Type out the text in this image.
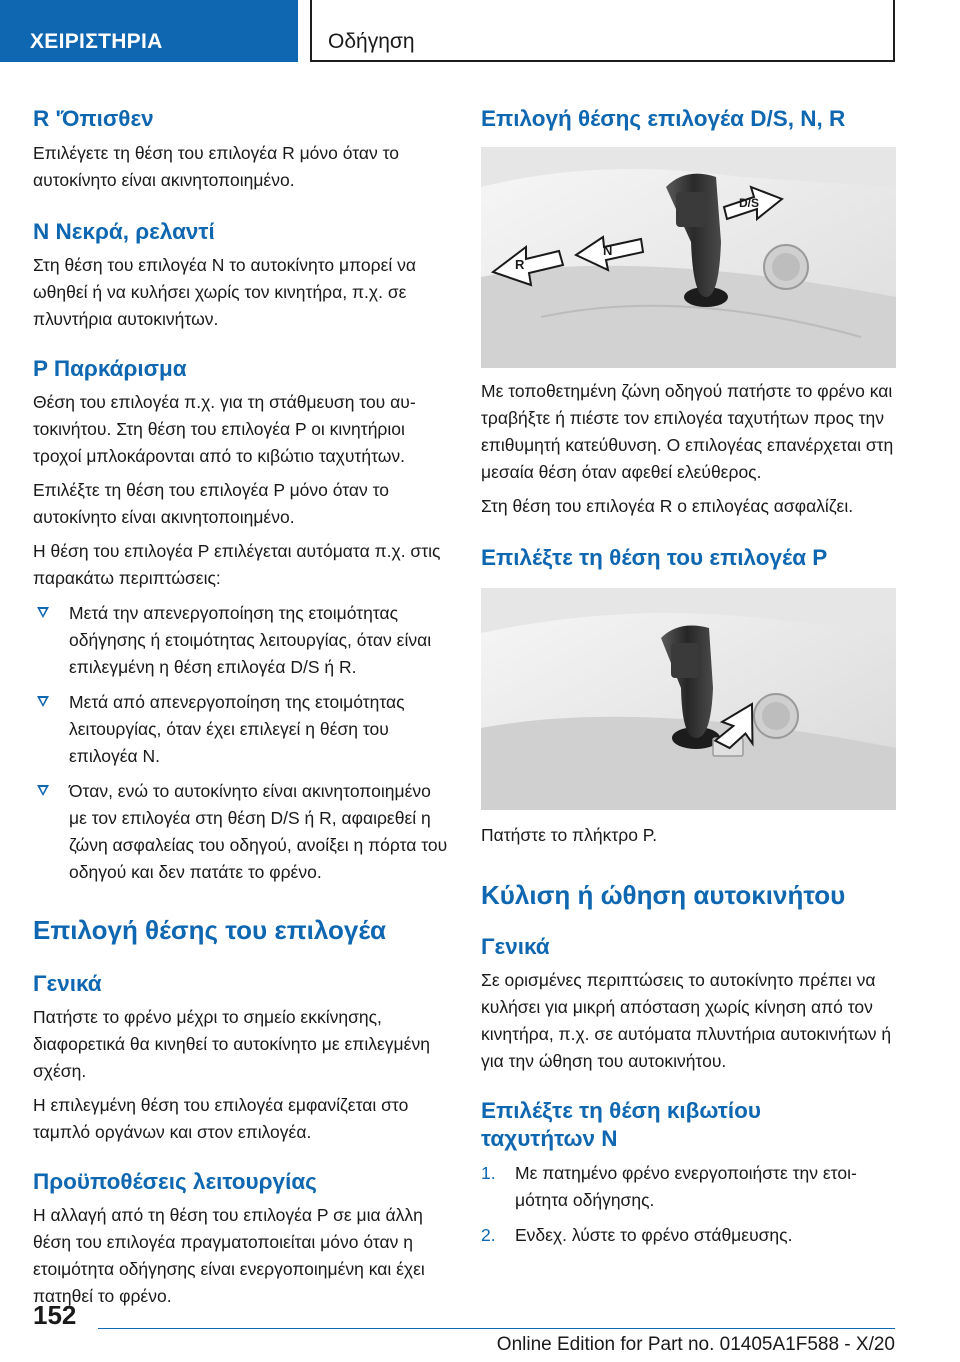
ΧΕΙΡΙΣΤΗΡΙΑ	Οδήγηση
R 'Όπισθεν

Επιλέγετε τη θέση του επιλογέα R μόνο όταν το αυτοκίνητο είναι ακινητοποιημένο.

N Νεκρά, ρελαντί

Στη θέση του επιλογέα N το αυτοκίνητο μπορεί να ωθηθεί ή να κυλήσει χωρίς τον κινητήρα, π.χ. σε πλυντήρια αυτοκινήτων.

P Παρκάρισμα

Θέση του επιλογέα π.χ. για τη στάθμευση του αυτοκινήτου. Στη θέση του επιλογέα P οι κινητήριοι τροχοί μπλοκάρονται από το κιβώτιο ταχυτήτων.

Επιλέξτε τη θέση του επιλογέα P μόνο όταν το αυτοκίνητο είναι ακινητοποιημένο.

Η θέση του επιλογέα P επιλέγεται αυτόματα π.χ. στις παρακάτω περιπτώσεις:

Μετά την απενεργοποίηση της ετοιμότητας οδήγησης ή ετοιμότητας λειτουργίας, όταν είναι επιλεγμένη η θέση επιλογέα D/S ή R.
Μετά από απενεργοποίηση της ετοιμότητας λειτουργίας, όταν έχει επιλεγεί η θέση του επιλογέα N.
Όταν, ενώ το αυτοκίνητο είναι ακινητοποιημένο με τον επιλογέα στη θέση D/S ή R, αφαιρεθεί η ζώνη ασφαλείας του οδηγού, ανοίξει η πόρτα του οδηγού και δεν πατάτε το φρένο.
Επιλογή θέσης του επιλογέα
Γενικά

Πατήστε το φρένο μέχρι το σημείο εκκίνησης, διαφορετικά θα κινηθεί το αυτοκίνητο με επιλεγμένη σχέση.

Η επιλεγμένη θέση του επιλογέα εμφανίζεται στο ταμπλό οργάνων και στον επιλογέα.

Προϋποθέσεις λειτουργίας

Η αλλαγή από τη θέση του επιλογέα P σε μια άλλη θέση του επιλογέα πραγματοποιείται μόνο όταν η ετοιμότητα οδήγησης είναι ενεργοποιημένη και έχει πατηθεί το φρένο.

Επιλογή θέσης επιλογέα D/S, N, R
R
N
D/S

Με τοποθετημένη ζώνη οδηγού πατήστε το φρένο και τραβήξτε ή πιέστε τον επιλογέα ταχυτήτων προς την επιθυμητή κατεύθυνση. Ο επιλογέας επανέρχεται στη μεσαία θέση όταν αφεθεί ελεύθερος.

Στη θέση του επιλογέα R ο επιλογέας ασφαλίζει.

Επιλέξτε τη θέση του επιλογέα P

Πατήστε το πλήκτρο P.

Κύλιση ή ώθηση αυτοκινήτου
Γενικά

Σε ορισμένες περιπτώσεις το αυτοκίνητο πρέπει να κυλήσει για μικρή απόσταση χωρίς κίνηση από τον κινητήρα, π.χ. σε αυτόματα πλυντήρια αυτοκινήτων ή για την ώθηση του αυτοκινήτου.

Επιλέξτε τη θέση κιβωτίου ταχυτήτων N
1. Με πατημένο φρένο ενεργοποιήστε την ετοιμότητα οδήγησης.
2. Ενδεχ. λύστε το φρένο στάθμευσης.
152
Online Edition for Part no. 01405A1F588 - X/20
